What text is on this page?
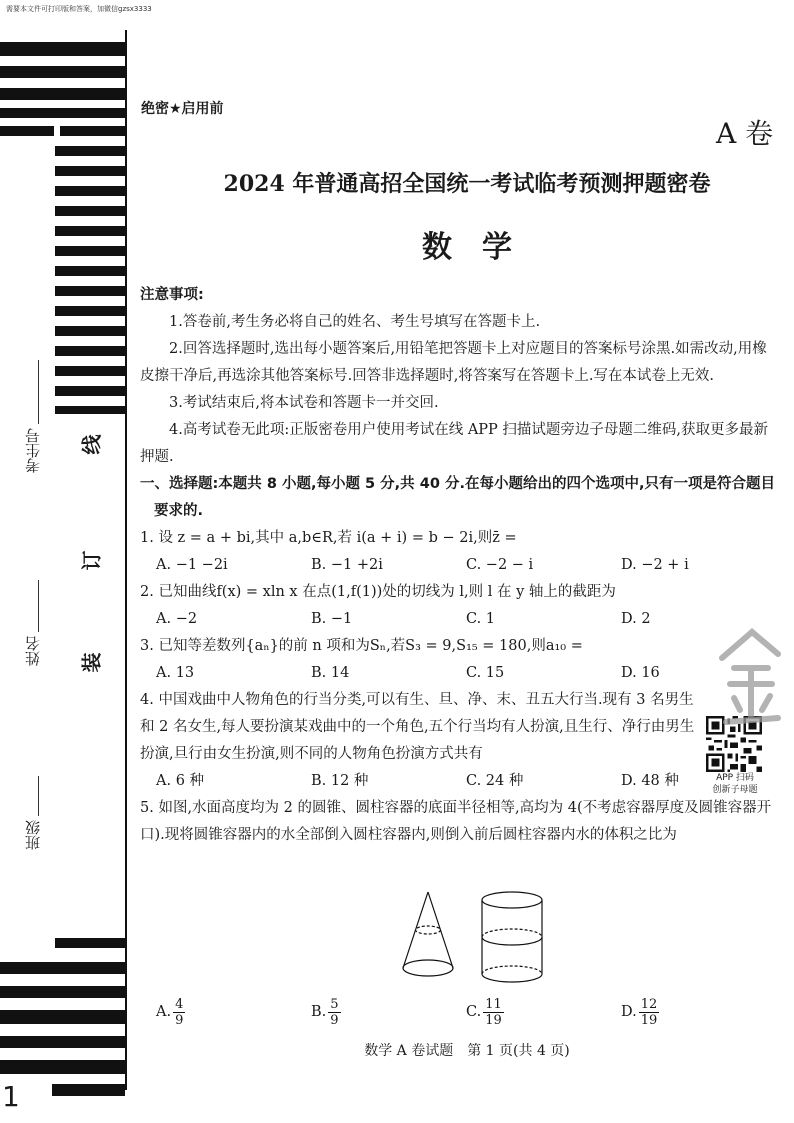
需要本文件可打印版和答案，加微信gzsx3333
考生号
姓名
班级
线
订
装
1
绝密★启用前
A 卷
2024 年普通高招全国统一考试临考预测押题密卷
数学

注意事项:

1.答卷前,考生务必将自己的姓名、考生号填写在答题卡上.

2.回答选择题时,选出每小题答案后,用铅笔把答题卡上对应题目的答案标号涂黑.如需改动,用橡皮擦干净后,再选涂其他答案标号.回答非选择题时,将答案写在答题卡上.写在本试卷上无效.

3.考试结束后,将本试卷和答题卡一并交回.

4.高考试卷无此项:正版密卷用户使用考试在线 APP 扫描试题旁边子母题二维码,获取更多最新押题.

一、选择题:本题共 8 小题,每小题 5 分,共 40 分.在每小题给出的四个选项中,只有一项是符合题目要求的.

1. 设 z = a + bi,其中 a,b∈R,若 i(a + i) = b − 2i,则z̄ =

A. −1 −2i	B. −1 +2i	C. −2 − i	D. −2 + i

2. 已知曲线f(x) = xln x 在点(1,f(1))处的切线为 l,则 l 在 y 轴上的截距为

A. −2	B. −1	C. 1	D. 2

3. 已知等差数列{aₙ}的前 n 项和为Sₙ,若S₃ = 9,S₁₅ = 180,则a₁₀ =

A. 13	B. 14	C. 15	D. 16

4. 中国戏曲中人物角色的行当分类,可以有生、旦、净、末、丑五大行当.现有 3 名男生和 2 名女生,每人要扮演某戏曲中的一个角色,五个行当均有人扮演,且生行、净行由男生扮演,旦行由女生扮演,则不同的人物角色扮演方式共有

A. 6 种	B. 12 种	C. 24 种	D. 48 种

5. 如图,水面高度均为 2 的圆锥、圆柱容器的底面半径相等,高均为 4(不考虑容器厚度及圆锥容器开口).现将圆锥容器内的水全部倒入圆柱容器内,则倒入前后圆柱容器内水的体积之比为

APP 扫码
创新子母题
A. $\frac{4}{9}$	B. $\frac{5}{9}$	C. $\frac{11}{19}$	D. $\frac{12}{19}$
数学 A 卷试题　第 1 页(共 4 页)
